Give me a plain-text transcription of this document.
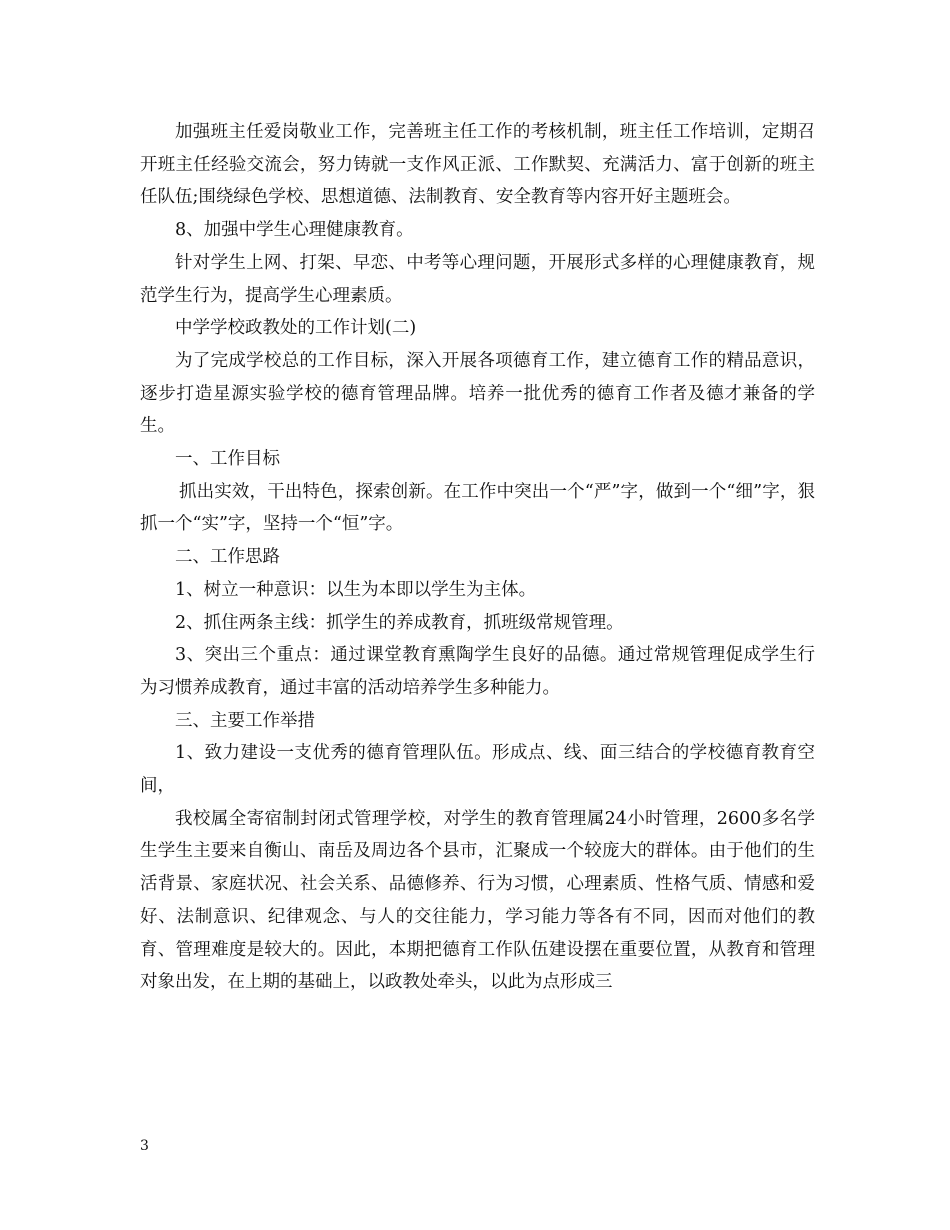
加强班主任爱岗敬业工作，完善班主任工作的考核机制，班主任工作培训，定期召开班主任经验交流会，努力铸就一支作风正派、工作默契、充满活力、富于创新的班主任队伍;围绕绿色学校、思想道德、法制教育、安全教育等内容开好主题班会。

8、加强中学生心理健康教育。

针对学生上网、打架、早恋、中考等心理问题，开展形式多样的心理健康教育，规范学生行为，提高学生心理素质。

中学学校政教处的工作计划(二)

为了完成学校总的工作目标，深入开展各项德育工作，建立德育工作的精品意识，逐步打造星源实验学校的德育管理品牌。培养一批优秀的德育工作者及德才兼备的学生。

一、工作目标

抓出实效，干出特色，探索创新。在工作中突出一个“严”字，做到一个“细”字，狠抓一个“实”字，坚持一个“恒”字。

二、工作思路

1、树立一种意识：以生为本即以学生为主体。

2、抓住两条主线：抓学生的养成教育，抓班级常规管理。

3、突出三个重点：通过课堂教育熏陶学生良好的品德。通过常规管理促成学生行为习惯养成教育，通过丰富的活动培养学生多种能力。

三、主要工作举措

1、致力建设一支优秀的德育管理队伍。形成点、线、面三结合的学校德育教育空间，

我校属全寄宿制封闭式管理学校，对学生的教育管理属24小时管理，2600多名学生学生主要来自衡山、南岳及周边各个县市，汇聚成一个较庞大的群体。由于他们的生活背景、家庭状况、社会关系、品德修养、行为习惯，心理素质、性格气质、情感和爱好、法制意识、纪律观念、与人的交往能力，学习能力等各有不同，因而对他们的教育、管理难度是较大的。因此，本期把德育工作队伍建设摆在重要位置，从教育和管理对象出发，在上期的基础上，以政教处牵头，以此为点形成三

3
